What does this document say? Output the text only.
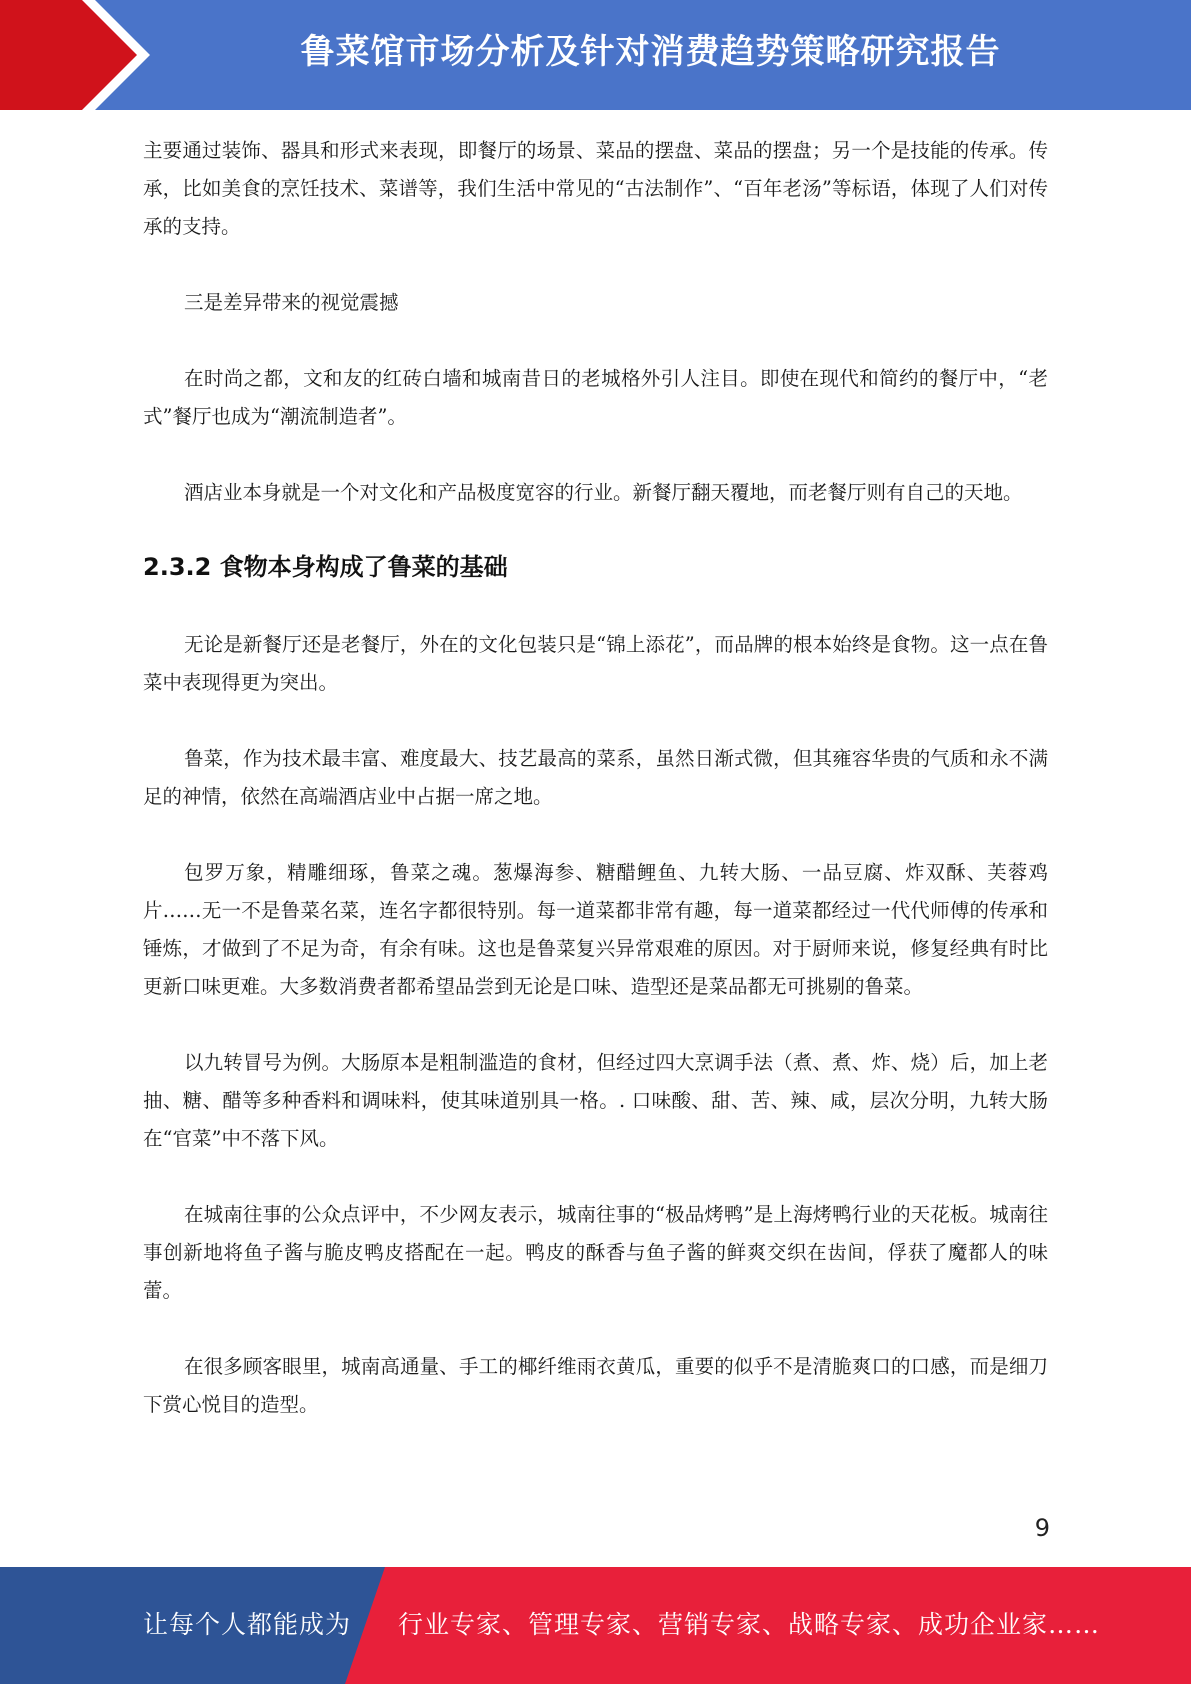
鲁菜馆市场分析及针对消费趋势策略研究报告

主要通过装饰、器具和形式来表现，即餐厅的场景、菜品的摆盘、菜品的摆盘；另一个是技能的传承。传承，比如美食的烹饪技术、菜谱等，我们生活中常见的“古法制作”、“百年老汤”等标语，体现了人们对传承的支持。

三是差异带来的视觉震撼

在时尚之都，文和友的红砖白墙和城南昔日的老城格外引人注目。即使在现代和简约的餐厅中，“老式”餐厅也成为“潮流制造者”。

酒店业本身就是一个对文化和产品极度宽容的行业。新餐厅翻天覆地，而老餐厅则有自己的天地。

2.3.2 食物本身构成了鲁菜的基础

无论是新餐厅还是老餐厅，外在的文化包装只是“锦上添花”，而品牌的根本始终是食物。这一点在鲁菜中表现得更为突出。

鲁菜，作为技术最丰富、难度最大、技艺最高的菜系，虽然日渐式微，但其雍容华贵的气质和永不满足的神情，依然在高端酒店业中占据一席之地。

包罗万象，精雕细琢，鲁菜之魂。葱爆海参、糖醋鲤鱼、九转大肠、一品豆腐、炸双酥、芙蓉鸡片……无一不是鲁菜名菜，连名字都很特别。每一道菜都非常有趣，每一道菜都经过一代代师傅的传承和锤炼，才做到了不足为奇，有余有味。这也是鲁菜复兴异常艰难的原因。对于厨师来说，修复经典有时比更新口味更难。大多数消费者都希望品尝到无论是口味、造型还是菜品都无可挑剔的鲁菜。

以九转冒号为例。大肠原本是粗制滥造的食材，但经过四大烹调手法（煮、煮、炸、烧）后，加上老抽、糖、醋等多种香料和调味料，使其味道别具一格。. 口味酸、甜、苦、辣、咸，层次分明，九转大肠在“官菜”中不落下风。

在城南往事的公众点评中，不少网友表示，城南往事的“极品烤鸭”是上海烤鸭行业的天花板。城南往事创新地将鱼子酱与脆皮鸭皮搭配在一起。鸭皮的酥香与鱼子酱的鲜爽交织在齿间，俘获了魔都人的味蕾。

在很多顾客眼里，城南高通量、手工的椰纤维雨衣黄瓜，重要的似乎不是清脆爽口的口感，而是细刀下赏心悦目的造型。

9
让每个人都能成为 行业专家、管理专家、营销专家、战略专家、成功企业家……
